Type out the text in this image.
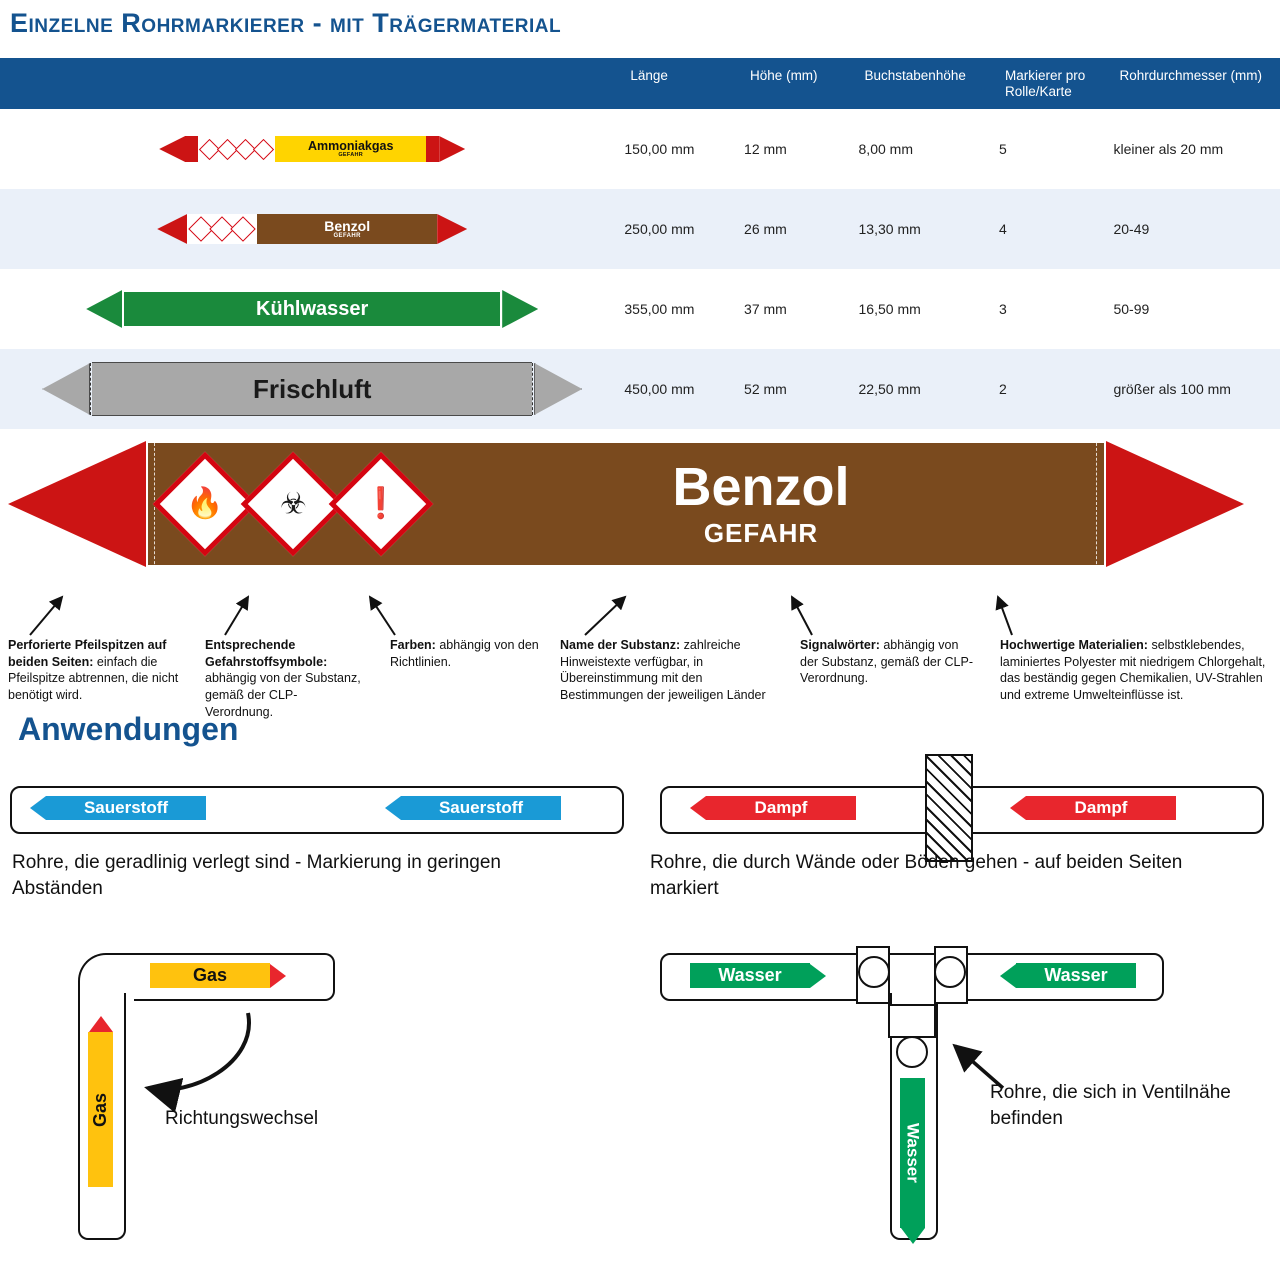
Einzelne Rohrmarkierer - mit Trägermaterial
	Länge	Höhe (mm)	Buchstabenhöhe	Markierer pro Rolle/Karte	Rohrdurchmesser (mm)

Ammoniakgas
GEFAHR	150,00 mm	12 mm	8,00 mm	5	kleiner als 20 mm

Benzol
GEFAHR	250,00 mm	26 mm	13,30 mm	4	20-49

Kühlwasser	355,00 mm	37 mm	16,50 mm	3	50-99

Frischluft	450,00 mm	52 mm	22,50 mm	2	größer als 100 mm
🔥 ☣ ❗	Benzol
GEFAHR
Perforierte Pfeilspitzen auf beiden Seiten: einfach die Pfeilspitze abtrennen, die nicht benötigt wird.
Entsprechende Gefahrstoffsymbole: abhängig von der Substanz, gemäß der CLP-Verordnung.
Farben: abhängig von den Richtlinien.
Name der Substanz: zahlreiche Hinweistexte verfügbar, in Übereinstimmung mit den Bestimmungen der jeweiligen Länder
Signalwörter: abhängig von der Substanz, gemäß der CLP-Verordnung.
Hochwertige Materialien: selbstklebendes, laminiertes Polyester mit niedrigem Chlorgehalt, das beständig gegen Chemikalien, UV-Strahlen und extreme Umwelteinflüsse ist.
Anwendungen
Sauerstoff	Sauerstoff
Rohre, die geradlinig verlegt sind - Markierung in geringen Abständen
Dampf	Dampf
Rohre, die durch Wände oder Böden gehen - auf beiden Seiten markiert
Gas
Gas	Richtungswechsel
Wasser	Wasser
Wasser
Rohre, die sich in Ventilnähe befinden
